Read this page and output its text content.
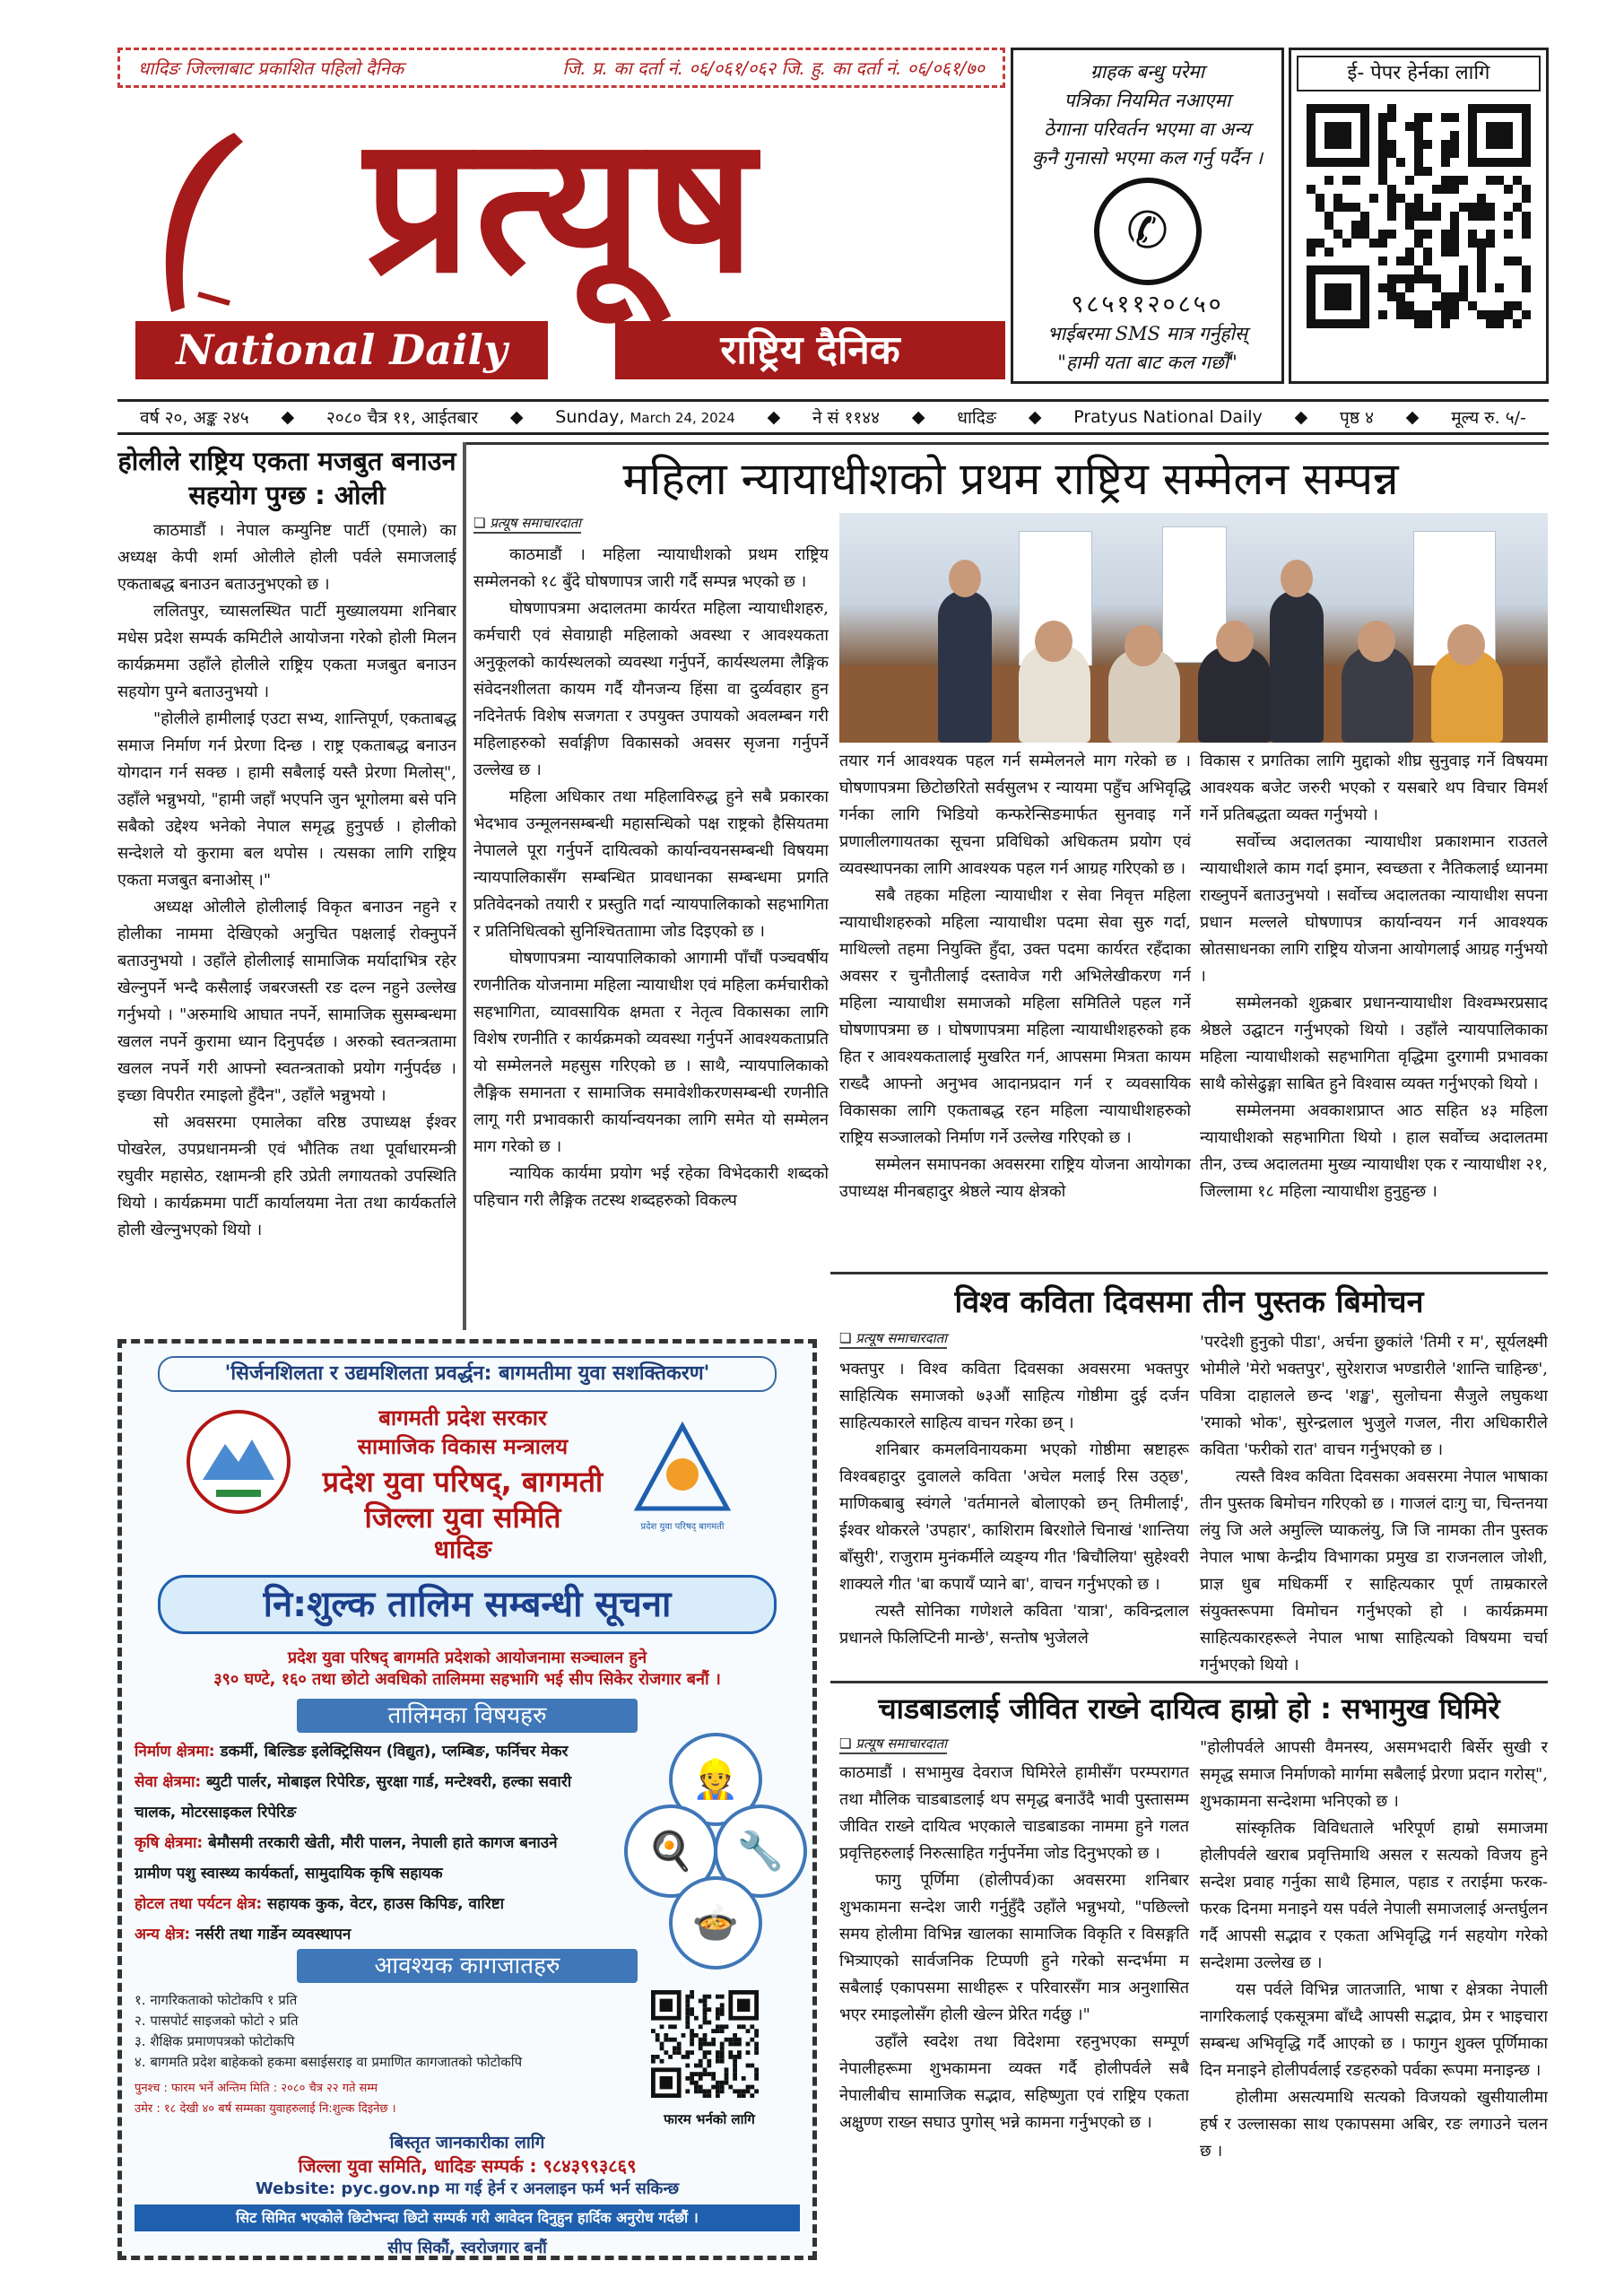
धादिङ जिल्लाबाट प्रकाशित पहिलो दैनिक	जि. प्र. का दर्ता नं. ०६/०६१/०६२ जि. हु. का दर्ता नं. ०६/०६१/७०
प्रत्यूष
National Daily	राष्ट्रिय दैनिक
ग्राहक बन्धु परेमा
पत्रिका नियमित नआएमा
ठेगाना परिवर्तन भएमा वा अन्य
कुनै गुनासो भएमा कल गर्नु पर्दैन ।
✆
९८५११२०८५०
भाईबरमा SMS मात्र गर्नुहोस्
"हामी यता बाट कल गर्छौं"
ई- पेपर हेर्नका लागि
वर्ष २०, अङ्क २४५ ◆ २०८० चैत्र ११, आईतबार ◆ Sunday, March 24, 2024 ◆ ने सं ११४४ ◆ धादिङ ◆ Pratyus National Daily ◆ पृष्ठ ४ ◆ मूल्य रु. ५/-
होलीले राष्ट्रिय एकता मजबुत बनाउन सहयोग पुग्छ : ओली

काठमाडौं । नेपाल कम्युनिष्ट पार्टी (एमाले) का अध्यक्ष केपी शर्मा ओलीले होली पर्वले समाजलाई एकताबद्ध बनाउन बताउनुभएको छ ।

ललितपुर, च्यासलस्थित पार्टी मुख्यालयमा शनिबार मधेस प्रदेश सम्पर्क कमिटीले आयोजना गरेको होली मिलन कार्यक्रममा उहाँले होलीले राष्ट्रिय एकता मजबुत बनाउन सहयोग पुग्ने बताउनुभयो ।

"होलीले हामीलाई एउटा सभ्य, शान्तिपूर्ण, एकताबद्ध समाज निर्माण गर्न प्रेरणा दिन्छ । राष्ट्र एकताबद्ध बनाउन योगदान गर्न सक्छ । हामी सबैलाई यस्तै प्रेरणा मिलोस्", उहाँले भन्नुभयो, "हामी जहाँ भएपनि जुन भूगोलमा बसे पनि सबैको उद्देश्य भनेको नेपाल समृद्ध हुनुपर्छ । होलीको सन्देशले यो कुरामा बल थपोस । त्यसका लागि राष्ट्रिय एकता मजबुत बनाओस् ।"

अध्यक्ष ओलीले होलीलाई विकृत बनाउन नहुने र होलीका नाममा देखिएको अनुचित पक्षलाई रोक्नुपर्ने बताउनुभयो । उहाँले होलीलाई सामाजिक मर्यादाभित्र रहेर खेल्नुपर्ने भन्दै कसैलाई जबरजस्ती रङ दल्न नहुने उल्लेख गर्नुभयो । "अरुमाथि आघात नपर्ने, सामाजिक सुसम्बन्धमा खलल नपर्ने कुरामा ध्यान दिनुपर्दछ । अरुको स्वतन्त्रतामा खलल नपर्ने गरी आफ्नो स्वतन्त्रताको प्रयोग गर्नुपर्दछ । इच्छा विपरीत रमाइलो हुँदैन", उहाँले भन्नुभयो ।

सो अवसरमा एमालेका वरिष्ठ उपाध्यक्ष ईश्वर पोखरेल, उपप्रधानमन्त्री एवं भौतिक तथा पूर्वाधारमन्त्री रघुवीर महासेठ, रक्षामन्त्री हरि उप्रेती लगायतको उपस्थिति थियो । कार्यक्रममा पार्टी कार्यालयमा नेता तथा कार्यकर्ताले होली खेल्नुभएको थियो ।

महिला न्यायाधीशको प्रथम राष्ट्रिय सम्मेलन सम्पन्न
❏ प्रत्यूष समाचारदाता

काठमाडौं । महिला न्यायाधीशको प्रथम राष्ट्रिय सम्मेलनको १८ बुँदे घोषणापत्र जारी गर्दै सम्पन्न भएको छ ।

घोषणापत्रमा अदालतमा कार्यरत महिला न्यायाधीशहरु, कर्मचारी एवं सेवाग्राही महिलाको अवस्था र आवश्यकता अनुकूलको कार्यस्थलको व्यवस्था गर्नुपर्ने, कार्यस्थलमा लैङ्गिक संवेदनशीलता कायम गर्दै यौनजन्य हिंसा वा दुर्व्यवहार हुन नदिनेतर्फ विशेष सजगता र उपयुक्त उपायको अवलम्बन गरी महिलाहरुको सर्वाङ्गीण विकासको अवसर सृजना गर्नुपर्ने उल्लेख छ ।

महिला अधिकार तथा महिलाविरुद्ध हुने सबै प्रकारका भेदभाव उन्मूलनसम्बन्धी महासन्धिको पक्ष राष्ट्रको हैसियतमा नेपालले पूरा गर्नुपर्ने दायित्वको कार्यान्वयनसम्बन्धी विषयमा न्यायपालिकासँग सम्बन्धित प्रावधानका सम्बन्धमा प्रगति प्रतिवेदनको तयारी र प्रस्तुति गर्दा न्यायपालिकाको सहभागिता र प्रतिनिधित्वको सुनिश्चितताामा जोड दिइएको छ ।

घोषणापत्रमा न्यायपालिकाको आगामी पाँचौं पञ्चवर्षीय रणनीतिक योजनामा महिला न्यायाधीश एवं महिला कर्मचारीको सहभागिता, व्यावसायिक क्षमता र नेतृत्व विकासका लागि विशेष रणनीति र कार्यक्रमको व्यवस्था गर्नुपर्ने आवश्यकताप्रति यो सम्मेलनले महसुस गरिएको छ । साथै, न्यायपालिकाको लैङ्गिक समानता र सामाजिक समावेशीकरणसम्बन्धी रणनीति लागू गरी प्रभावकारी कार्यान्वयनका लागि समेत यो सम्मेलन माग गरेको छ ।

न्यायिक कार्यमा प्रयोग भई रहेका विभेदकारी शब्दको पहिचान गरी लैङ्गिक तटस्थ शब्दहरुको विकल्प

तयार गर्न आवश्यक पहल गर्न सम्मेलनले माग गरेको छ । घोषणापत्रमा छिटोछरितो सर्वसुलभ र न्यायमा पहुँच अभिवृद्धि गर्नका लागि भिडियो कन्फरेन्सिङमार्फत सुनवाइ गर्ने प्रणालीलगायतका सूचना प्रविधिको अधिकतम प्रयोग एवं व्यवस्थापनका लागि आवश्यक पहल गर्न आग्रह गरिएको छ ।

सबै तहका महिला न्यायाधीश र सेवा निवृत्त महिला न्यायाधीशहरुको महिला न्यायाधीश पदमा सेवा सुरु गर्दा, माथिल्लो तहमा नियुक्ति हुँदा, उक्त पदमा कार्यरत रहँदाका अवसर र चुनौतीलाई दस्तावेज गरी अभिलेखीकरण गर्न महिला न्यायाधीश समाजको महिला समितिले पहल गर्ने घोषणापत्रमा छ । घोषणापत्रमा महिला न्यायाधीशहरुको हक हित र आवश्यकतालाई मुखरित गर्न, आपसमा मित्रता कायम राख्दै आफ्नो अनुभव आदानप्रदान गर्न र व्यवसायिक विकासका लागि एकताबद्ध रहन महिला न्यायाधीशहरुको राष्ट्रिय सञ्जालको निर्माण गर्ने उल्लेख गरिएको छ ।

सम्मेलन समापनका अवसरमा राष्ट्रिय योजना आयोगका उपाध्यक्ष मीनबहादुर श्रेष्ठले न्याय क्षेत्रको

विकास र प्रगतिका लागि मुद्दाको शीघ्र सुनुवाइ गर्ने विषयमा आवश्यक बजेट जरुरी भएको र यसबारे थप विचार विमर्श गर्ने प्रतिबद्धता व्यक्त गर्नुभयो ।

सर्वोच्च अदालतका न्यायाधीश प्रकाशमान राउतले न्यायाधीशले काम गर्दा इमान, स्वच्छता र नैतिकलाई ध्यानमा राख्नुपर्ने बताउनुभयो । सर्वोच्च अदालतका न्यायाधीश सपना प्रधान मल्लले घोषणापत्र कार्यान्वयन गर्न आवश्यक स्रोतसाधनका लागि राष्ट्रिय योजना आयोगलाई आग्रह गर्नुभयो ।

सम्मेलनको शुक्रबार प्रधानन्यायाधीश विश्वम्भरप्रसाद श्रेष्ठले उद्घाटन गर्नुभएको थियो । उहाँले न्यायपालिकाका महिला न्यायाधीशको सहभागिता वृद्धिमा दुरगामी प्रभावका साथै कोसेढुङ्गा साबित हुने विश्वास व्यक्त गर्नुभएको थियो ।

सम्मेलनमा अवकाशप्राप्त आठ सहित ४३ महिला न्यायाधीशको सहभागिता थियो । हाल सर्वोच्च अदालतमा तीन, उच्च अदालतमा मुख्य न्यायाधीश एक र न्यायाधीश २१, जिल्लामा १८ महिला न्यायाधीश हुनुहुन्छ ।

विश्व कविता दिवसमा तीन पुस्तक बिमोचन
❏ प्रत्यूष समाचारदाता

भक्तपुर । विश्व कविता दिवसका अवसरमा भक्तपुर साहित्यिक समाजको ७३औं साहित्य गोष्ठीमा दुई दर्जन साहित्यकारले साहित्य वाचन गरेका छन् ।

शनिबार कमलविनायकमा भएको गोष्ठीमा स्रष्टाहरू विश्वबहादुर दुवालले कविता 'अचेल मलाई रिस उठ्छ', माणिकबाबु स्वंगले 'वर्तमानले बोलाएको छन् तिमीलाई', ईश्वर थोकरले 'उपहार', काशिराम बिरशोले चिनाखं 'शान्तिया बाँसुरी', राजुराम मुनंकर्मीले व्यङ्ग्य गीत 'बिचौलिया' सुहेश्वरी शाक्यले गीत 'बा कपायँ प्याने बा', वाचन गर्नुभएको छ ।

त्यस्तै सोनिका गणेशले कविता 'यात्रा', कविन्द्रलाल प्रधानले फिलिप्टिनी मान्छे', सन्तोष भुजेलले

'परदेशी हुनुको पीडा', अर्चना छुकांले 'तिमी र म', सूर्यलक्ष्मी भोमीले 'मेरो भक्तपुर', सुरेशराज भण्डारीले 'शान्ति चाहिन्छ', पवित्रा दाहालले छन्द 'शङ्ख', सुलोचना सैजुले लघुकथा 'रमाको भोक', सुरेन्द्रलाल भुजुले गजल, नीरा अधिकारीले कविता 'फरीको रात' वाचन गर्नुभएको छ ।

त्यस्तै विश्व कविता दिवसका अवसरमा नेपाल भाषाका तीन पुस्तक बिमोचन गरिएको छ । गाजलं दाःगु चा, चिन्तनया लंयु जि अले अमुल्लि प्याकलंयु, जि जि नामका तीन पुस्तक नेपाल भाषा केन्द्रीय विभागका प्रमुख डा राजनलाल जोशी, प्राज्ञ धुब मधिकर्मी र साहित्यकार पूर्ण ताम्रकारले संयुक्तरूपमा विमोचन गर्नुभएको हो । कार्यक्रममा साहित्यकारहरूले नेपाल भाषा साहित्यको विषयमा चर्चा गर्नुभएको थियो ।

चाडबाडलाई जीवित राख्ने दायित्व हाम्रो हो : सभामुख घिमिरे
❏ प्रत्यूष समाचारदाता

काठमाडौं । सभामुख देवराज घिमिरेले हामीसँग परम्परागत तथा मौलिक चाडबाडलाई थप समृद्ध बनाउँदै भावी पुस्तासम्म जीवित राख्ने दायित्व भएकाले चाडबाडका नाममा हुने गलत प्रवृत्तिहरुलाई निरुत्साहित गर्नुपर्नेमा जोड दिनुभएको छ ।

फागु पूर्णिमा (होलीपर्व)का अवसरमा शनिबार शुभकामना सन्देश जारी गर्नुहुँदै उहाँले भन्नुभयो, "पछिल्लो समय होलीमा विभिन्न खालका सामाजिक विकृति र विसङ्गति भित्र्याएको सार्वजनिक टिप्पणी हुने गरेको सन्दर्भमा म सबैलाई एकापसमा साथीहरू र परिवारसँग मात्र अनुशासित भएर रमाइलोसँग होली खेल्न प्रेरित गर्दछु ।"

उहाँले स्वदेश तथा विदेशमा रहनुभएका सम्पूर्ण नेपालीहरूमा शुभकामना व्यक्त गर्दै होलीपर्वले सबै नेपालीबीच सामाजिक सद्भाव, सहिष्णुता एवं राष्ट्रिय एकता अक्षुण्ण राख्न सघाउ पुगोस् भन्ने कामना गर्नुभएको छ ।

"होलीपर्वले आपसी वैमनस्य, असमभदारी बिर्सेर सुखी र समृद्ध समाज निर्माणको मार्गमा सबैलाई प्रेरणा प्रदान गरोस्", शुभकामना सन्देशमा भनिएको छ ।

सांस्कृतिक विविधताले भरिपूर्ण हाम्रो समाजमा होलीपर्वले खराब प्रवृत्तिमाथि असल र सत्यको विजय हुने सन्देश प्रवाह गर्नुका साथै हिमाल, पहाड र तराईमा फरक-फरक दिनमा मनाइने यस पर्वले नेपाली समाजलाई अन्तर्घुलन गर्दै आपसी सद्भाव र एकता अभिवृद्धि गर्न सहयोग गरेको सन्देशमा उल्लेख छ ।

यस पर्वले विभिन्न जातजाति, भाषा र क्षेत्रका नेपाली नागरिकलाई एकसूत्रमा बाँध्दै आपसी सद्भाव, प्रेम र भाइचारा सम्बन्ध अभिवृद्धि गर्दै आएको छ । फागुन शुक्ल पूर्णिमाका दिन मनाइने होलीपर्वलाई रङहरुको पर्वका रूपमा मनाइन्छ ।

होलीमा असत्यमाथि सत्यको विजयको खुसीयालीमा हर्ष र उल्लासका साथ एकापसमा अबिर, रङ लगाउने चलन छ ।

'सिर्जनशिलता र उद्यमशिलता प्रवर्द्धन: बागमतीमा युवा सशक्तिकरण'
प्रदेश युवा परिषद् बागमती
बागमती प्रदेश सरकार
सामाजिक विकास मन्त्रालय
प्रदेश युवा परिषद्, बागमती
जिल्ला युवा समिति
धादिङ
नि:शुल्क तालिम सम्बन्धी सूचना
प्रदेश युवा परिषद् बागमति प्रदेशको आयोजनामा सञ्चालन हुने
३९० घण्टे, १६० तथा छोटो अवधिको तालिममा सहभागि भई सीप सिकेर रोजगार बनौं ।
तालिमका विषयहरु
निर्माण क्षेत्रमा: डकर्मी, बिल्डिङ इलेक्ट्रिसियन (विद्युत), प्लम्बिङ, फर्निचर मेकर
सेवा क्षेत्रमा: ब्युटी पार्लर, मोबाइल रिपेरिङ, सुरक्षा गार्ड, मन्टेश्वरी, हल्का सवारी चालक, मोटरसाइकल रिपेरिङ
कृषि क्षेत्रमा: बेमौसमी तरकारी खेती, मौरी पालन, नेपाली हाते कागज बनाउने ग्रामीण पशु स्वास्थ्य कार्यकर्ता, सामुदायिक कृषि सहायक
होटल तथा पर्यटन क्षेत्र: सहायक कुक, वेटर, हाउस किपिङ, वारिष्टा
अन्य क्षेत्र: नर्सरी तथा गार्डेन व्यवस्थापन
👷
🍳	🔧
🍲
आवश्यक कागजातहरु
१. नागरिकताको फोटोकपि १ प्रति
२. पासपोर्ट साइजको फोटो २ प्रति
३. शैक्षिक प्रमाणपत्रको फोटोकपि
४. बागमति प्रदेश बाहेकको हकमा बसाईसराइ वा प्रमाणित कागजातको फोटोकपि
पुनश्च : फारम भर्ने अन्तिम मिति : २०८० चैत्र २२ गते सम्म
उमेर : १८ देखी ४० बर्ष सम्मका युवाहरुलाई नि:शुल्क दिइनेछ ।
फारम भर्नको लागि
बिस्तृत जानकारीका लागि
जिल्ला युवा समिति, धादिङ सम्पर्क : ९८४३९९३८६९
Website: pyc.gov.np मा गई हेर्न र अनलाइन फर्म भर्न सकिन्छ
सिट सिमित भएकोले छिटोभन्दा छिटो सम्पर्क गरी आवेदन दिनुहुन हार्दिक अनुरोध गर्दछौं ।
सीप सिकौं, स्वरोजगार बनौं
